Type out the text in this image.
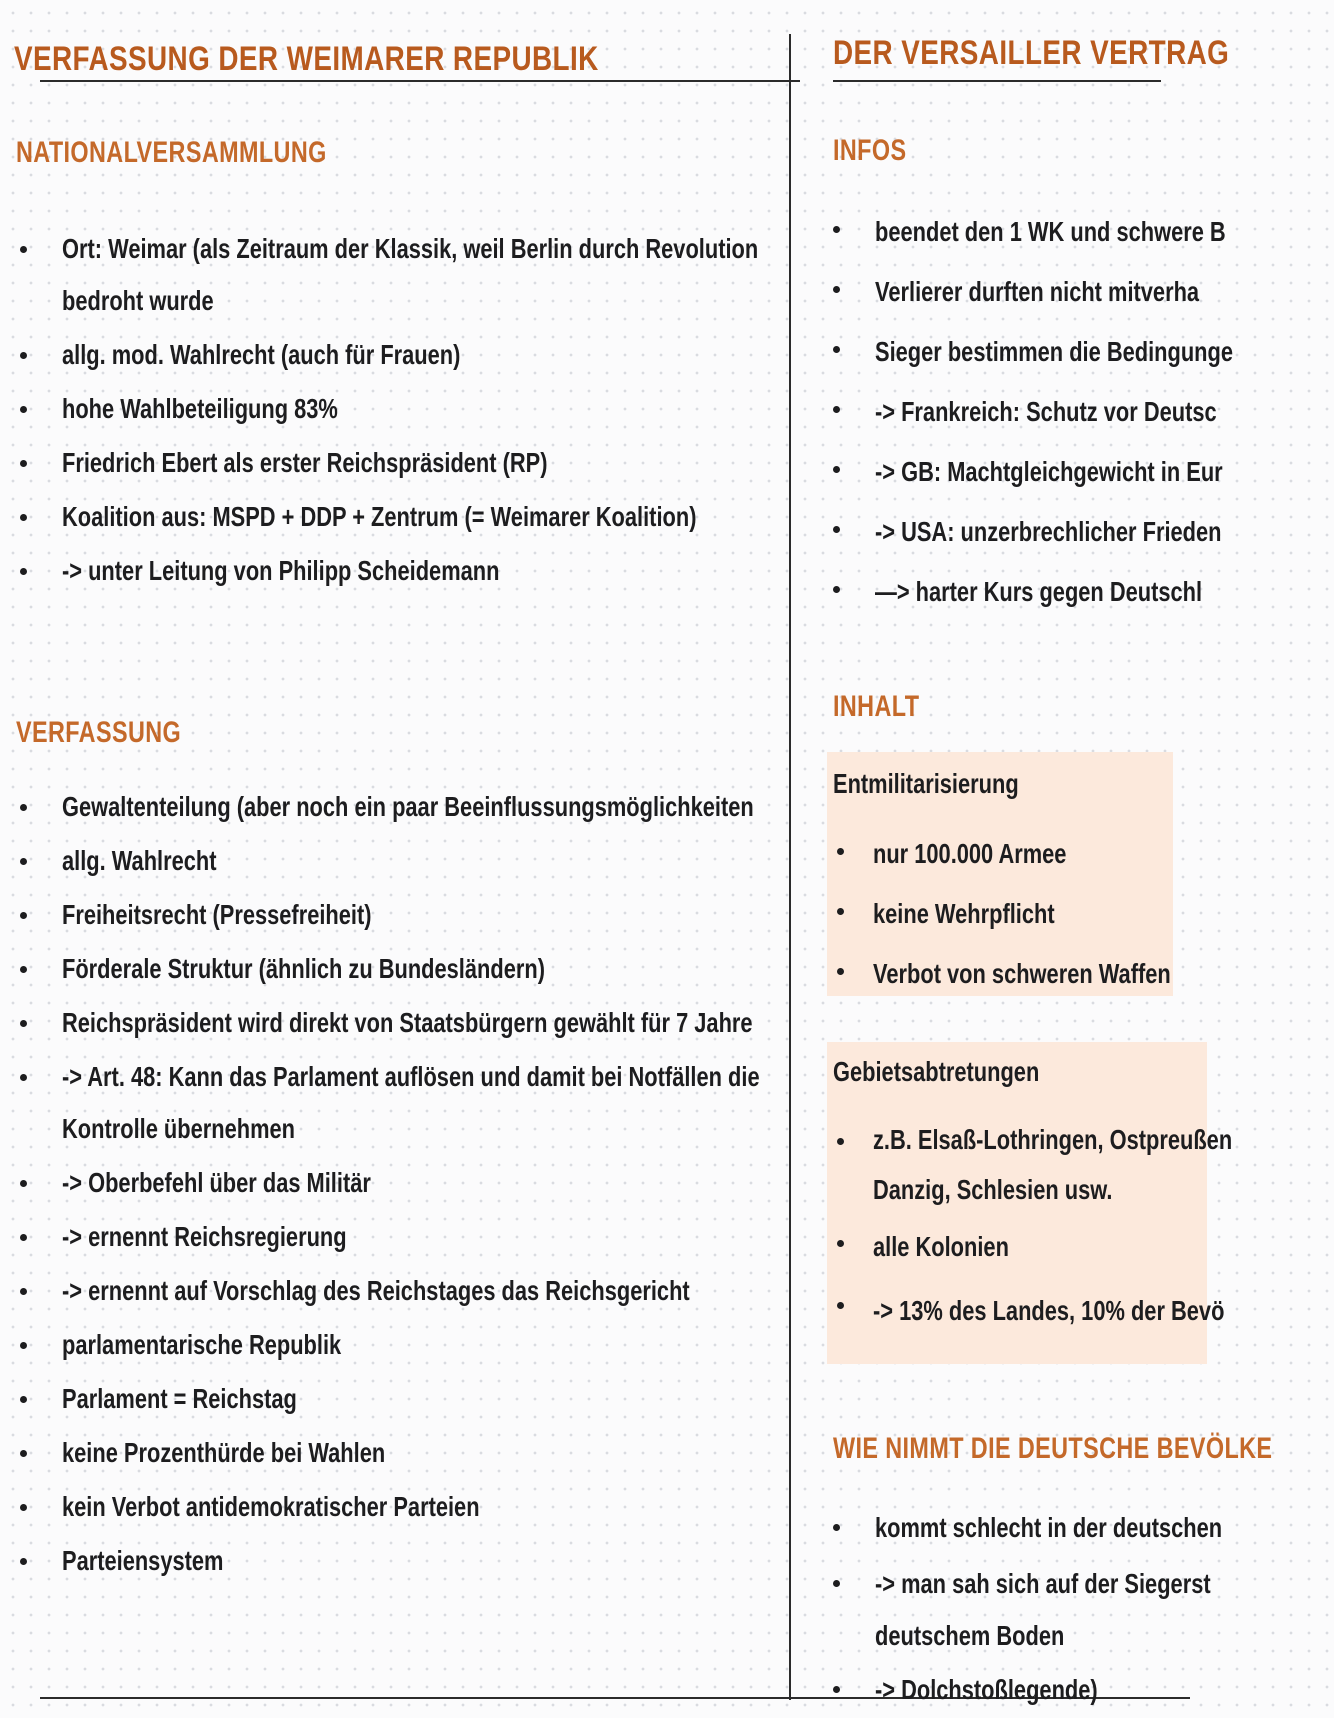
VERFASSUNG DER WEIMARER REPUBLIK
NATIONALVERSAMMLUNG
Ort: Weimar (als Zeitraum der Klassik, weil Berlin durch Revolution
bedroht wurde
allg. mod. Wahlrecht (auch für Frauen)
hohe Wahlbeteiligung 83%
Friedrich Ebert als erster Reichspräsident (RP)
Koalition aus: MSPD + DDP + Zentrum (= Weimarer Koalition)
-> unter Leitung von Philipp Scheidemann
VERFASSUNG
Gewaltenteilung (aber noch ein paar Beeinflussungsmöglichkeiten
allg. Wahlrecht
Freiheitsrecht (Pressefreiheit)
Förderale Struktur (ähnlich zu Bundesländern)
Reichspräsident wird direkt von Staatsbürgern gewählt für 7 Jahre
-> Art. 48: Kann das Parlament auflösen und damit bei Notfällen die
Kontrolle übernehmen
-> Oberbefehl über das Militär
-> ernennt Reichsregierung
-> ernennt auf Vorschlag des Reichstages das Reichsgericht
parlamentarische Republik
Parlament = Reichstag
keine Prozenthürde bei Wahlen
kein Verbot antidemokratischer Parteien
Parteiensystem
DER VERSAILLER VERTRAG
INFOS
beendet den 1 WK und schwere B
Verlierer durften nicht mitverha
Sieger bestimmen die Bedingunge
-> Frankreich: Schutz vor Deutsc
-> GB: Machtgleichgewicht in Eur
-> USA: unzerbrechlicher Frieden
—> harter Kurs gegen Deutschl
INHALT
Entmilitarisierung
nur 100.000 Armee
keine Wehrpflicht
Verbot von schweren Waffen
Gebietsabtretungen
z.B. Elsaß-Lothringen, Ostpreußen
Danzig, Schlesien usw.
alle Kolonien
-> 13% des Landes, 10% der Bevö
WIE NIMMT DIE DEUTSCHE BEVÖLKE
kommt schlecht in der deutschen
-> man sah sich auf der Siegerst
deutschem Boden
-> Dolchstoßlegende)
